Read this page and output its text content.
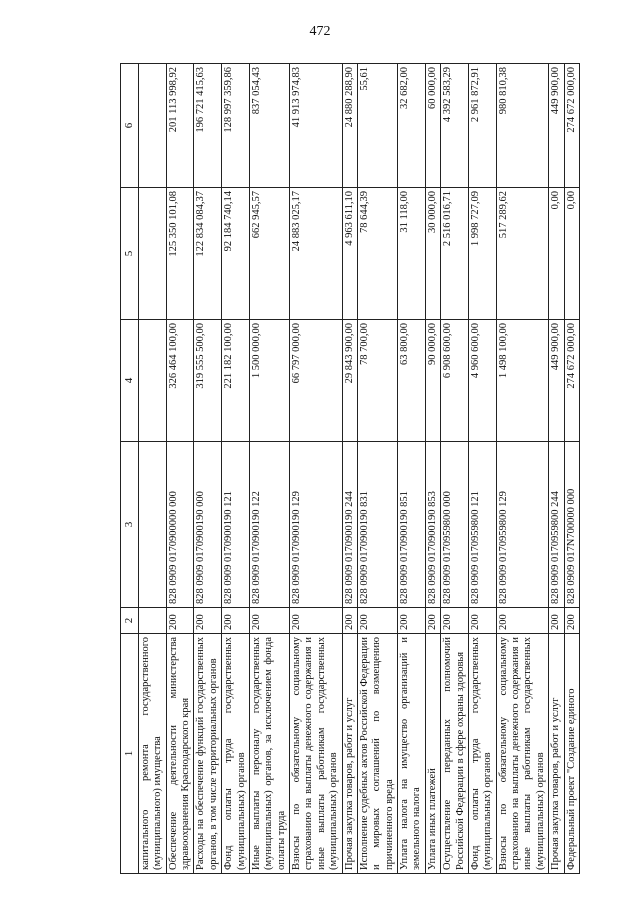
472
1	2	3	4	5	6
капитального ремонта государственного (муниципального) имущества					
Обеспечение деятельности министерства здравоохранения Краснодарского края	200	828 0909 0170900000 000	326 464 100,00	125 350 101,08	201 113 998,92
Расходы на обеспечение функций государственных органов, в том числе территориальных органов	200	828 0909 0170900190 000	319 555 500,00	122 834 084,37	196 721 415,63
Фонд оплаты труда государственных (муниципальных) органов	200	828 0909 0170900190 121	221 182 100,00	92 184 740,14	128 997 359,86
Иные выплаты персоналу государственных (муниципальных) органов, за исключением фонда оплаты труда	200	828 0909 0170900190 122	1 500 000,00	662 945,57	837 054,43
Взносы по обязательному социальному страхованию на выплаты денежного содержания и иные выплаты работникам государственных (муниципальных) органов	200	828 0909 0170900190 129	66 797 000,00	24 883 025,17	41 913 974,83
Прочая закупка товаров, работ и услуг	200	828 0909 0170900190 244	29 843 900,00	4 963 611,10	24 880 288,90
Исполнение судебных актов Российской Федерации и мировых соглашений по возмещению причиненного вреда	200	828 0909 0170900190 831	78 700,00	78 644,39	55,61
Уплата налога на имущество организаций и земельного налога	200	828 0909 0170900190 851	63 800,00	31 118,00	32 682,00
Уплата иных платежей	200	828 0909 0170900190 853	90 000,00	30 000,00	60 000,00
Осуществление переданных полномочий Российской Федерации в сфере охраны здоровья	200	828 0909 0170959800 000	6 908 600,00	2 516 016,71	4 392 583,29
Фонд оплаты труда государственных (муниципальных) органов	200	828 0909 0170959800 121	4 960 600,00	1 998 727,09	2 961 872,91
Взносы по обязательному социальному страхованию на выплаты денежного содержания и иные выплаты работникам государственных (муниципальных) органов	200	828 0909 0170959800 129	1 498 100,00	517 289,62	980 810,38
Прочая закупка товаров, работ и услуг	200	828 0909 0170959800 244	449 900,00	0,00	449 900,00
Федеральный проект "Создание единого	200	828 0909 017N700000 000	274 672 000,00	0,00	274 672 000,00
